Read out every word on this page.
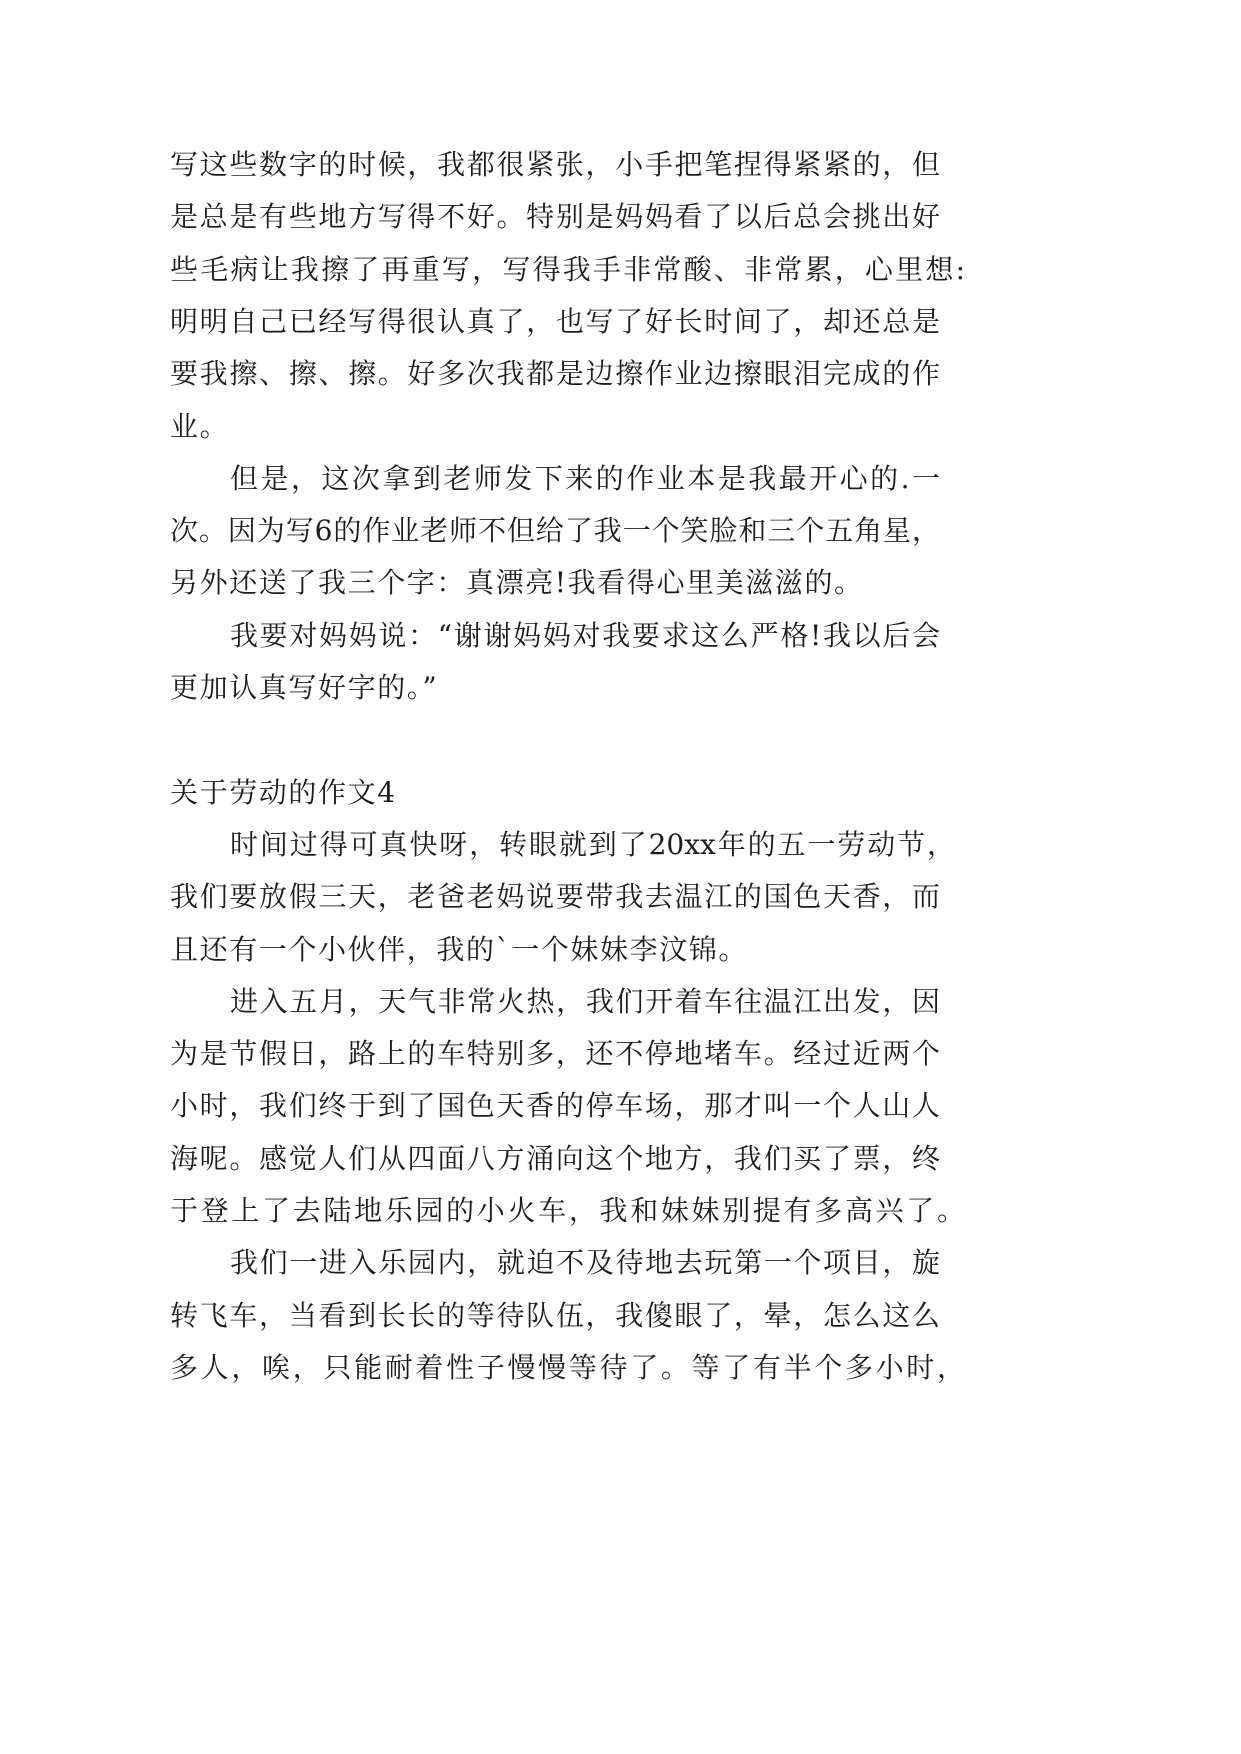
写这些数字的时候，我都很紧张，小手把笔捏得紧紧的，但
是总是有些地方写得不好。特别是妈妈看了以后总会挑出好
些毛病让我擦了再重写，写得我手非常酸、非常累，心里想:
明明自己已经写得很认真了，也写了好长时间了，却还总是
要我擦、擦、擦。好多次我都是边擦作业边擦眼泪完成的作
业。
但是，这次拿到老师发下来的作业本是我最开心的.一
次。因为写6的作业老师不但给了我一个笑脸和三个五角星，
另外还送了我三个字：真漂亮!我看得心里美滋滋的。
我要对妈妈说：“谢谢妈妈对我要求这么严格!我以后会
更加认真写好字的。”
关于劳动的作文4
时间过得可真快呀，转眼就到了20xx年的五一劳动节，
我们要放假三天，老爸老妈说要带我去温江的国色天香，而
且还有一个小伙伴，我的`一个妹妹李汶锦。
进入五月，天气非常火热，我们开着车往温江出发，因
为是节假日，路上的车特别多，还不停地堵车。经过近两个
小时，我们终于到了国色天香的停车场，那才叫一个人山人
海呢。感觉人们从四面八方涌向这个地方，我们买了票，终
于登上了去陆地乐园的小火车，我和妹妹别提有多高兴了。
我们一进入乐园内，就迫不及待地去玩第一个项目，旋
转飞车，当看到长长的等待队伍，我傻眼了，晕，怎么这么
多人，唉，只能耐着性子慢慢等待了。等了有半个多小时，
